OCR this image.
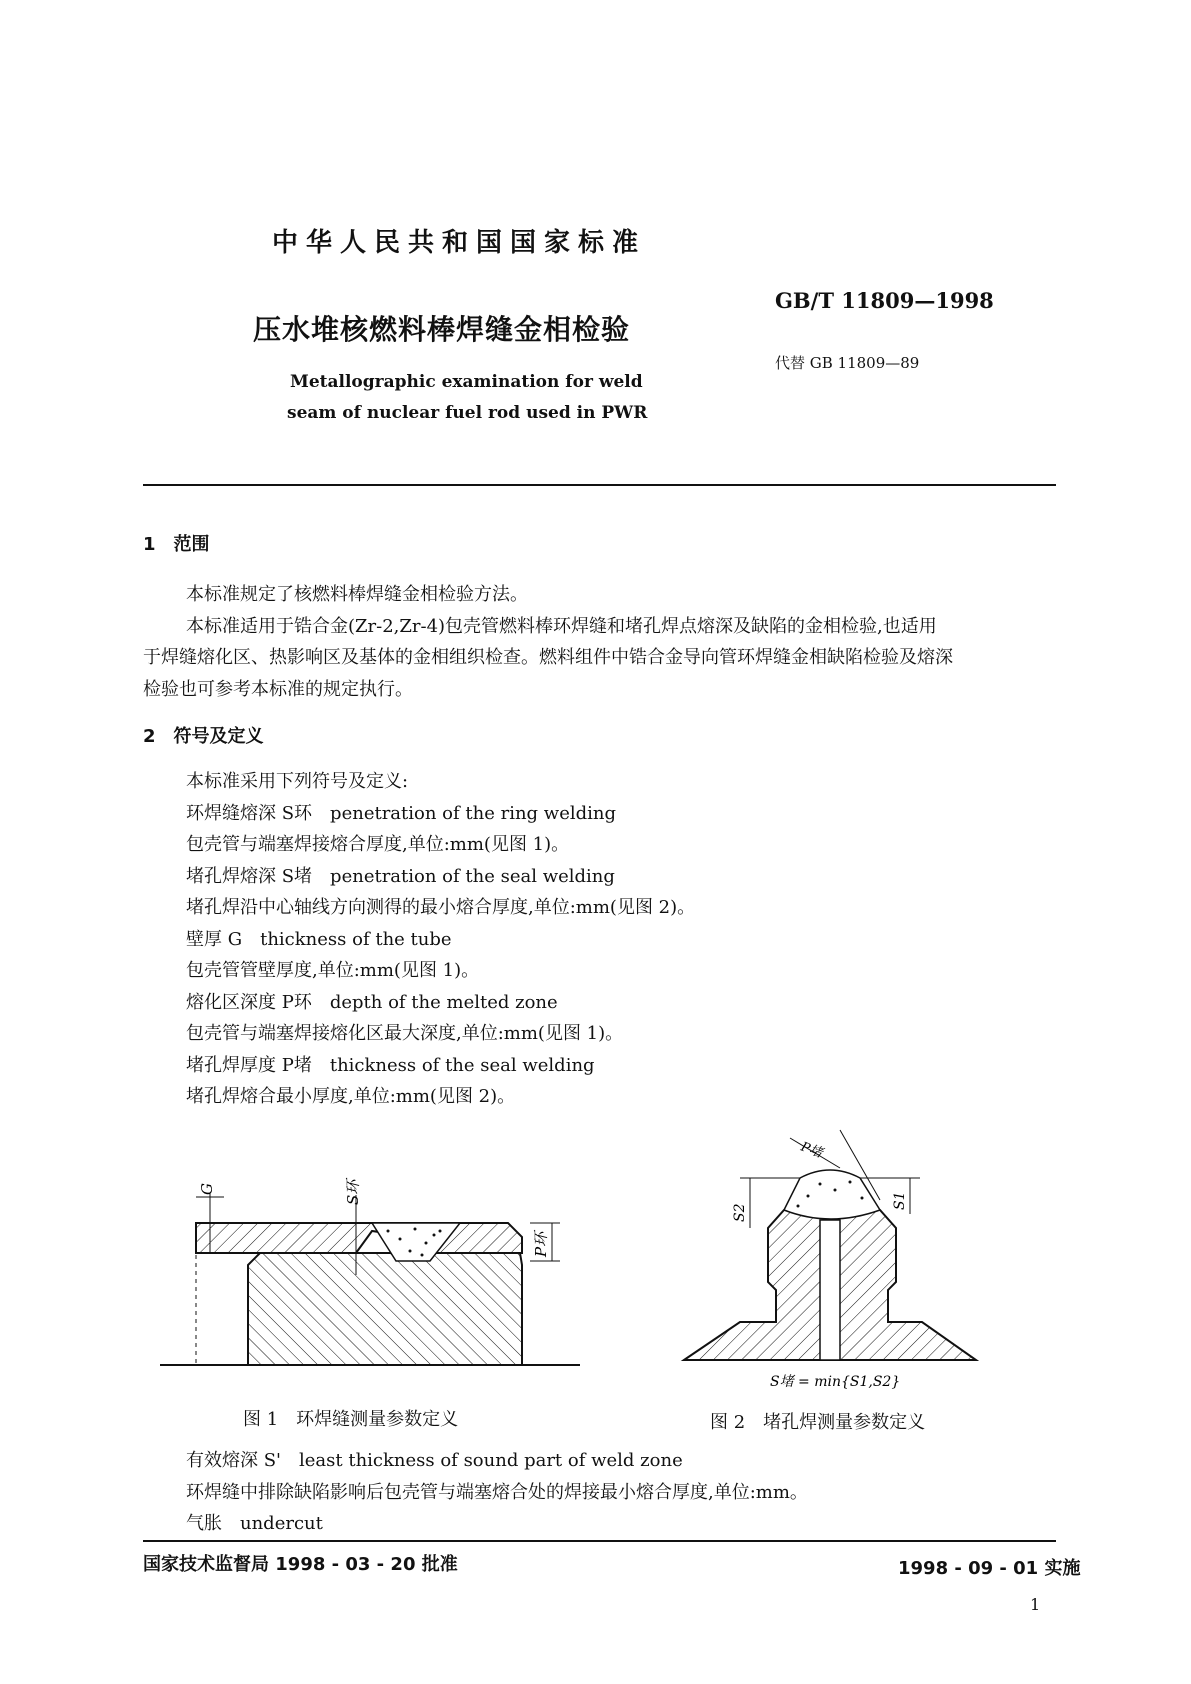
中华人民共和国国家标准
GB/T 11809—1998
代替 GB 11809—89
压水堆核燃料棒焊缝金相检验
Metallographic examination for weld
seam of nuclear fuel rod used in PWR
1　范围
本标准规定了核燃料棒焊缝金相检验方法。
本标准适用于锆合金(Zr-2,Zr-4)包壳管燃料棒环焊缝和堵孔焊点熔深及缺陷的金相检验,也适用
于焊缝熔化区、热影响区及基体的金相组织检查。燃料组件中锆合金导向管环焊缝金相缺陷检验及熔深
检验也可参考本标准的规定执行。
2　符号及定义
本标准采用下列符号及定义:
环焊缝熔深 S环　penetration of the ring welding
包壳管与端塞焊接熔合厚度,单位:mm(见图 1)。
堵孔焊熔深 S堵　penetration of the seal welding
堵孔焊沿中心轴线方向测得的最小熔合厚度,单位:mm(见图 2)。
壁厚 G　thickness of the tube
包壳管管壁厚度,单位:mm(见图 1)。
熔化区深度 P环　depth of the melted zone
包壳管与端塞焊接熔化区最大深度,单位:mm(见图 1)。
堵孔焊厚度 P堵　thickness of the seal welding
堵孔焊熔合最小厚度,单位:mm(见图 2)。
G	S环
P环
图 1　环焊缝测量参数定义
S2
S1
P堵
S堵 = min{S1,S2}
图 2　堵孔焊测量参数定义
有效熔深 S'　least thickness of sound part of weld zone
环焊缝中排除缺陷影响后包壳管与端塞熔合处的焊接最小熔合厚度,单位:mm。
气胀　undercut
国家技术监督局 1998 - 03 - 20 批准	1998 - 09 - 01 实施
1
